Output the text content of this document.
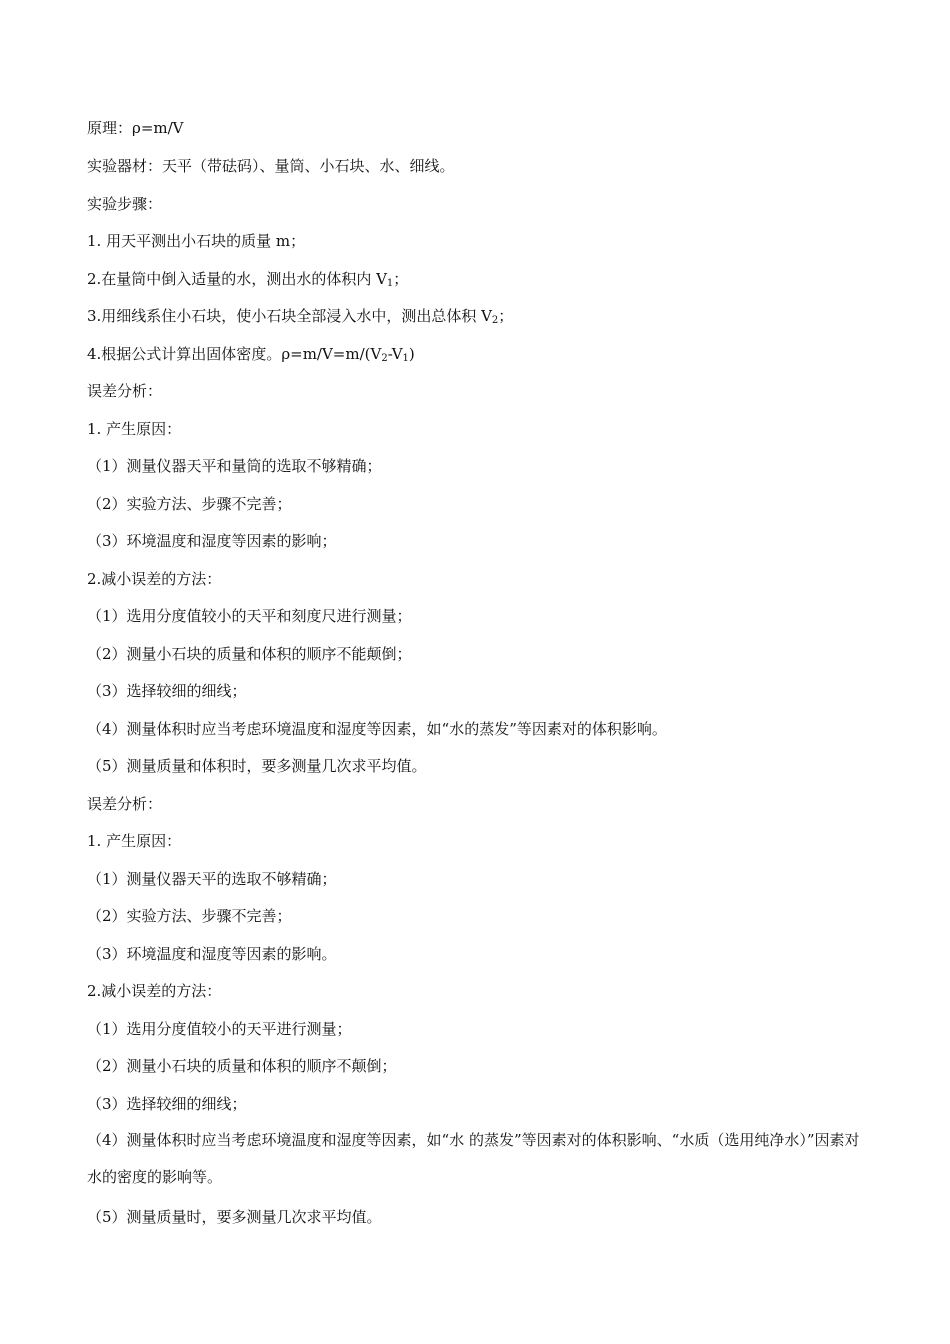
原理：ρ=m/V
实验器材：天平（带砝码）、量筒、小石块、水、细线。
实验步骤：
1. 用天平测出小石块的质量 m；
2.在量筒中倒入适量的水，测出水的体积内 $V_1$；
3.用细线系住小石块，使小石块全部浸入水中，测出总体积 $V_2$；
4.根据公式计算出固体密度。$\rho=m/V=m/(V_2-V_1)$
误差分析：
1. 产生原因：
（1）测量仪器天平和量筒的选取不够精确；
（2）实验方法、步骤不完善；
（3）环境温度和湿度等因素的影响；
2.减小误差的方法：
（1）选用分度值较小的天平和刻度尺进行测量；
（2）测量小石块的质量和体积的顺序不能颠倒；
（3）选择较细的细线；
（4）测量体积时应当考虑环境温度和湿度等因素，如“水的蒸发”等因素对的体积影响。
（5）测量质量和体积时，要多测量几次求平均值。
误差分析：
1. 产生原因：
（1）测量仪器天平的选取不够精确；
（2）实验方法、步骤不完善；
（3）环境温度和湿度等因素的影响。
2.减小误差的方法：
（1）选用分度值较小的天平进行测量；
（2）测量小石块的质量和体积的顺序不颠倒；
（3）选择较细的细线；
（4）测量体积时应当考虑环境温度和湿度等因素，如“水 的蒸发”等因素对的体积影响、“水质（选用纯净水）”因素对水的密度的影响等。
（5）测量质量时，要多测量几次求平均值。
